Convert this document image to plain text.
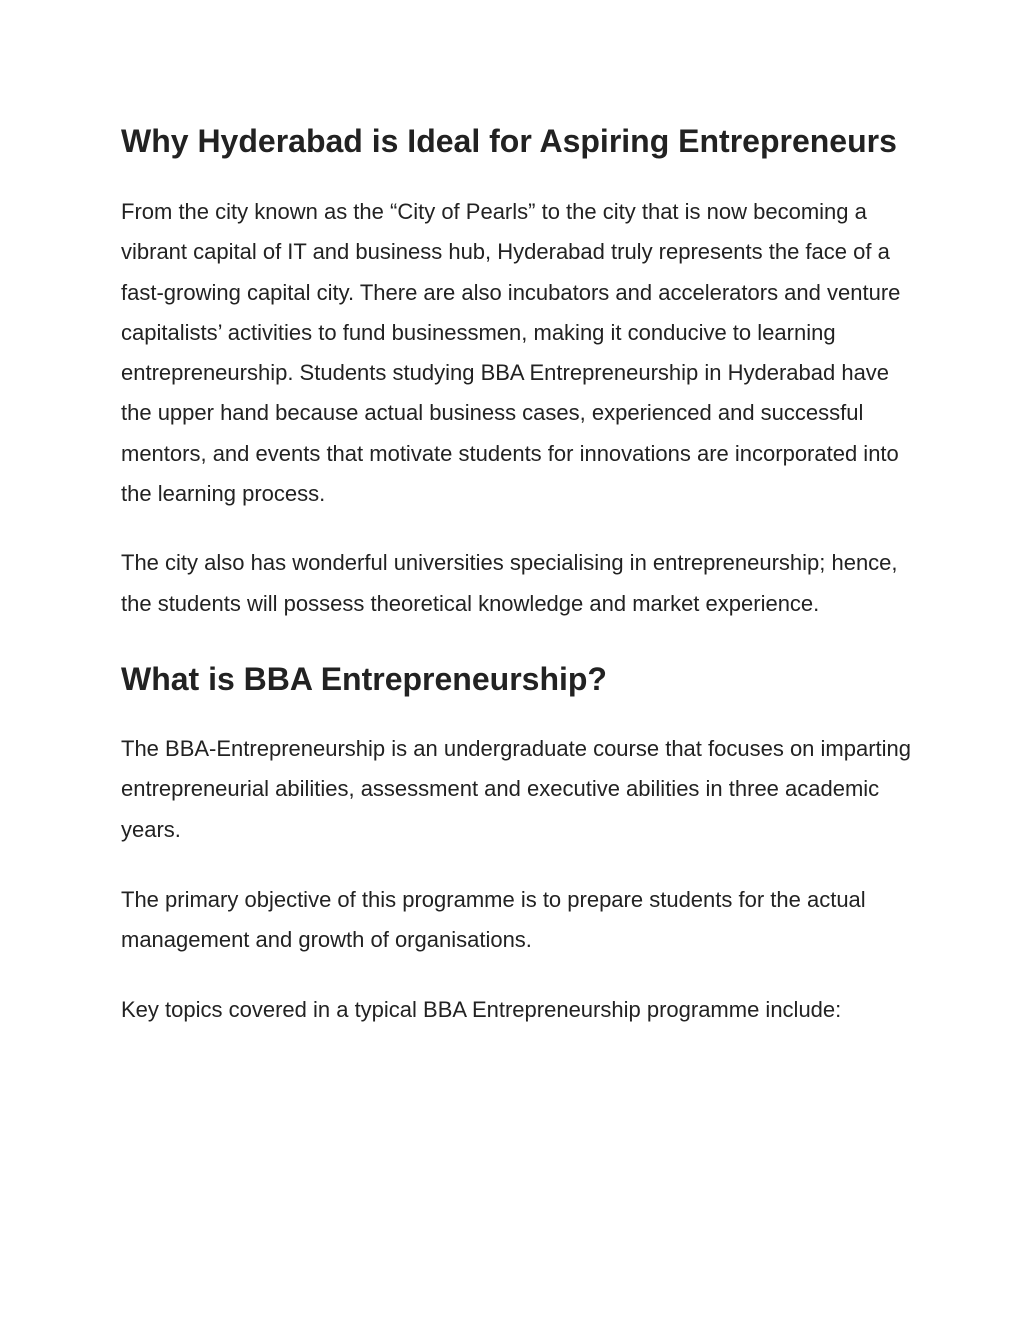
Why Hyderabad is Ideal for Aspiring Entrepreneurs

From the city known as the “City of Pearls” to the city that is now becoming a vibrant capital of IT and business hub, Hyderabad truly represents the face of a fast-growing capital city. There are also incubators and accelerators and venture capitalists’ activities to fund businessmen, making it conducive to learning entrepreneurship. Students studying BBA Entrepreneurship in Hyderabad have the upper hand because actual business cases, experienced and successful mentors, and events that motivate students for innovations are incorporated into the learning process.

The city also has wonderful universities specialising in entrepreneurship; hence, the students will possess theoretical knowledge and market experience.

What is BBA Entrepreneurship?

The BBA-Entrepreneurship is an undergraduate course that focuses on imparting entrepreneurial abilities, assessment and executive abilities in three academic years.

The primary objective of this programme is to prepare students for the actual management and growth of organisations.

Key topics covered in a typical BBA Entrepreneurship programme include:
